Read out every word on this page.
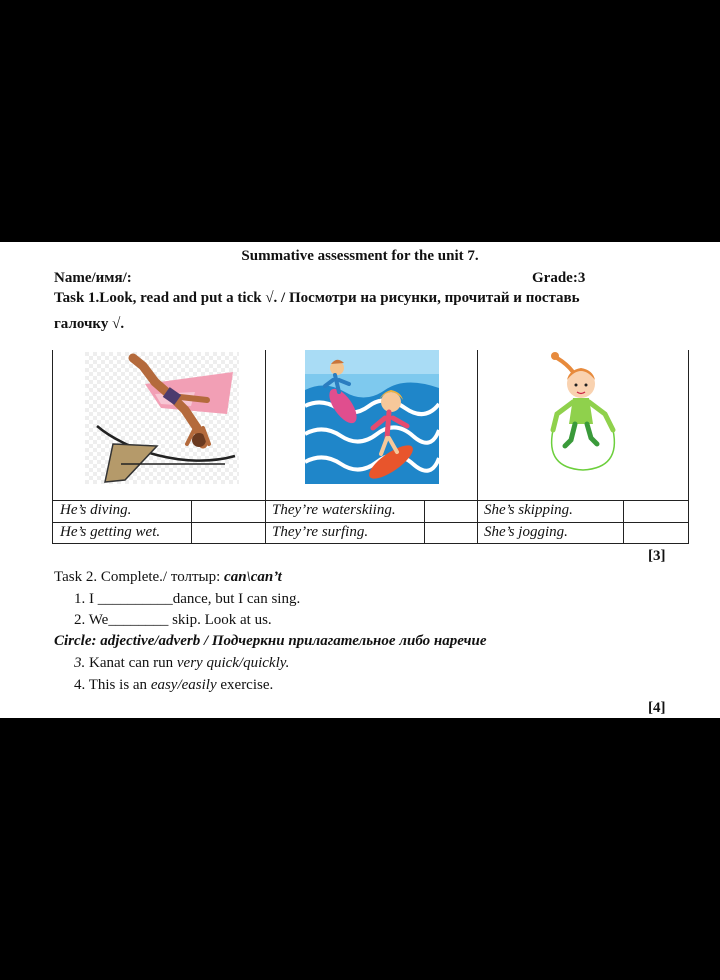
Summative assessment for the unit 7.
Name/имя/:	Grade:3
Task 1.Look, read and put a tick √. / Посмотри на рисунки, прочитай и поставь
галочку √.
He’s diving.
He’s getting wet.
They’re waterskiing.
They’re surfing.
She’s skipping.
She’s jogging.
[3]
Task 2. Complete./ толтыр: can\can’t
1. I __________dance, but I can sing.
2. We________ skip. Look at us.
Circle: adjective/adverb / Подчеркни прилагательное либо наречие
3. Kanat can run very quick/quickly.
4. This is an easy/easily exercise.
[4]
